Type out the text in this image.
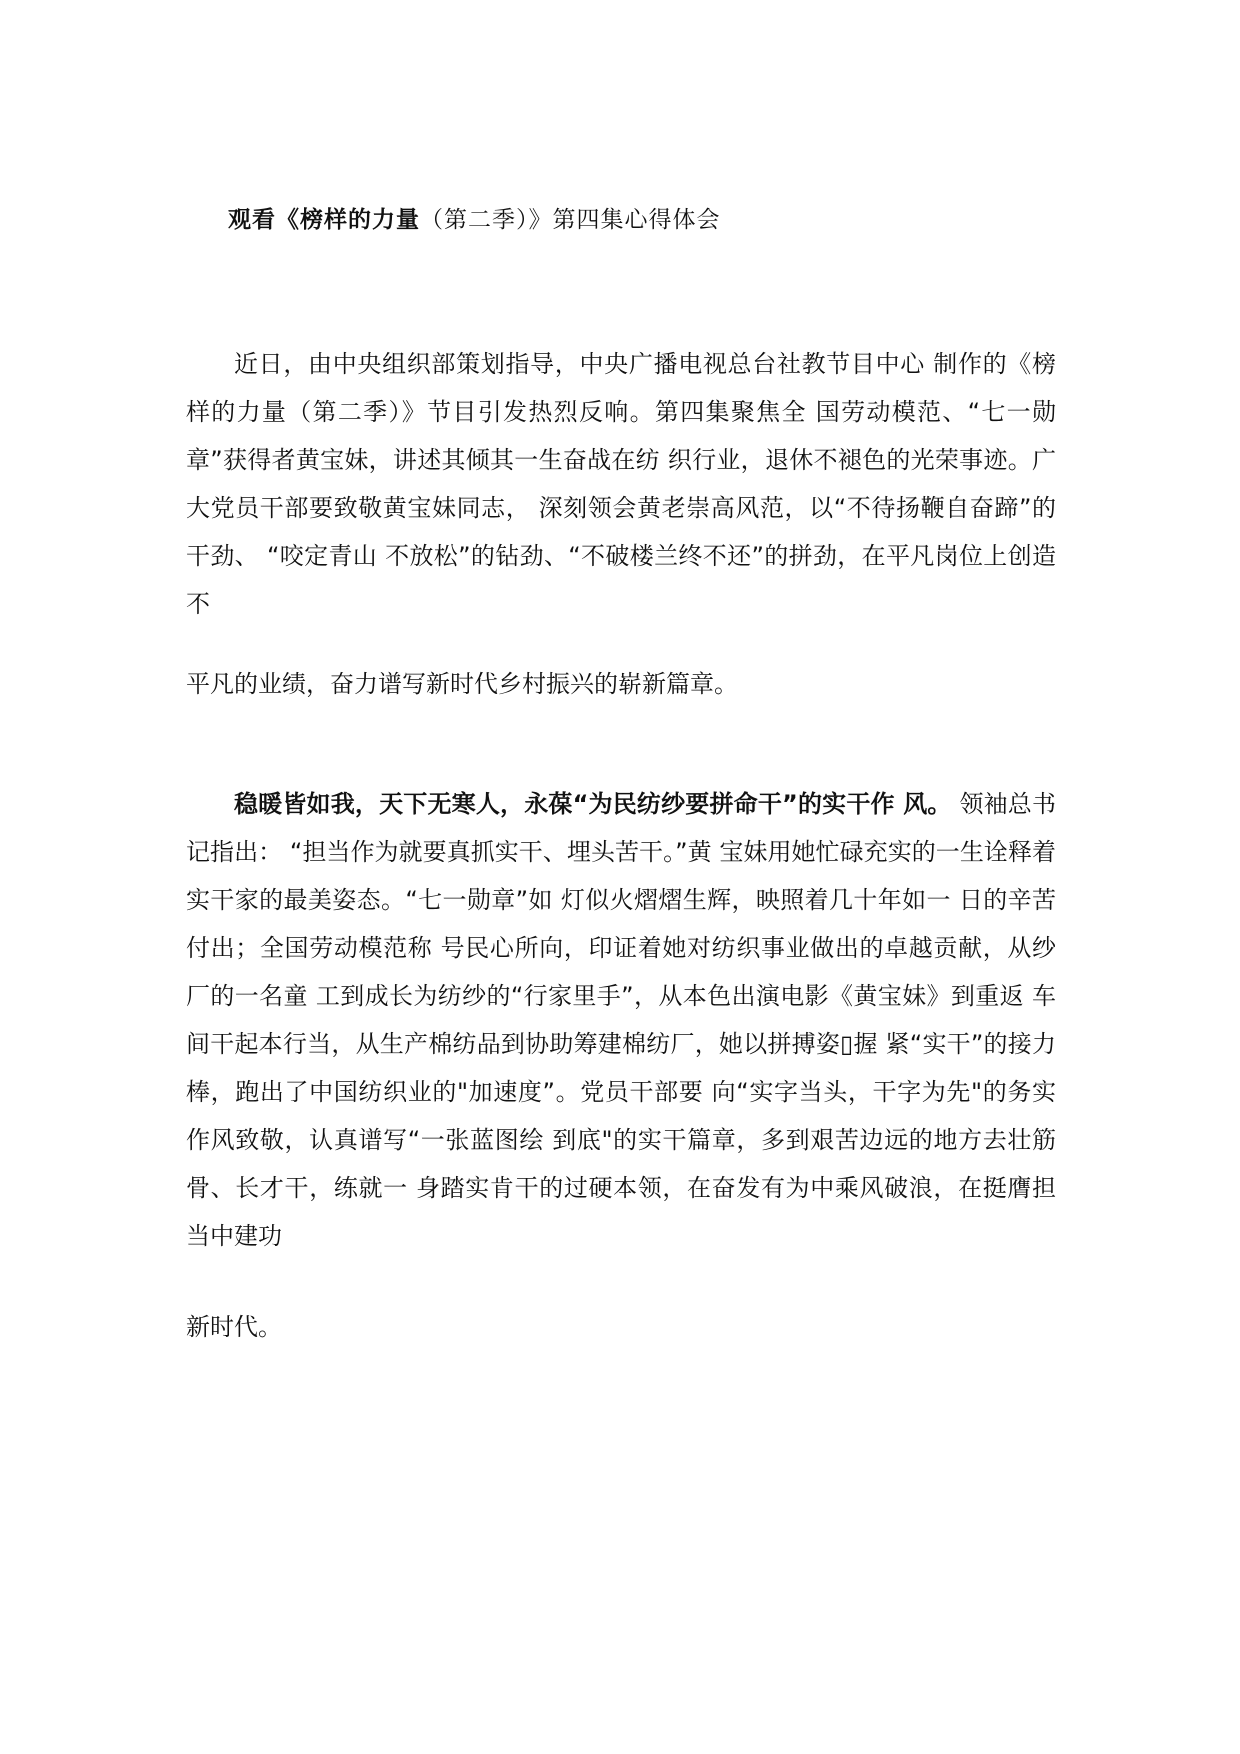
观看《榜样的力量（第二季）》第四集心得体会
近日，由中央组织部策划指导，中央广播电视总台社教节目中心 制作的《榜样的力量（第二季）》节目引发热烈反响。第四集聚焦全 国劳动模范、“七一勋章”获得者黄宝妹，讲述其倾其一生奋战在纺 织行业，退休不褪色的光荣事迹。广大党员干部要致敬黄宝妹同志， 深刻领会黄老崇高风范，以“不待扬鞭自奋蹄”的干劲、 “咬定青山 不放松”的钻劲、“不破楼兰终不还”的拼劲，在平凡岗位上创造不
平凡的业绩，奋力谱写新时代乡村振兴的崭新篇章。
稳暖皆如我，天下无寒人，永葆“为民纺纱要拼命干”的实干作 风。 领袖总书记指出： “担当作为就要真抓实干、埋头苦干。”黄 宝妹用她忙碌充实的一生诠释着实干家的最美姿态。“七一勋章”如 灯似火熠熠生辉，映照着几十年如一 日的辛苦付出；全国劳动模范称 号民心所向，印证着她对纺织事业做出的卓越贡献，从纱厂的一名童 工到成长为纺纱的“行家里手”，从本色出演电影《黄宝妹》到重返 车间干起本行当，从生产棉纺品到协助筹建棉纺厂，她以拼搏姿▯握 紧“实干”的接力棒，跑出了中国纺织业的"加速度”。党员干部要 向“实字当头，干字为先"的务实作风致敬，认真谱写“一张蓝图绘 到底"的实干篇章，多到艰苦边远的地方去壮筋骨、长才干，练就一 身踏实肯干的过硬本领，在奋发有为中乘风破浪，在挺膺担当中建功
新时代。
